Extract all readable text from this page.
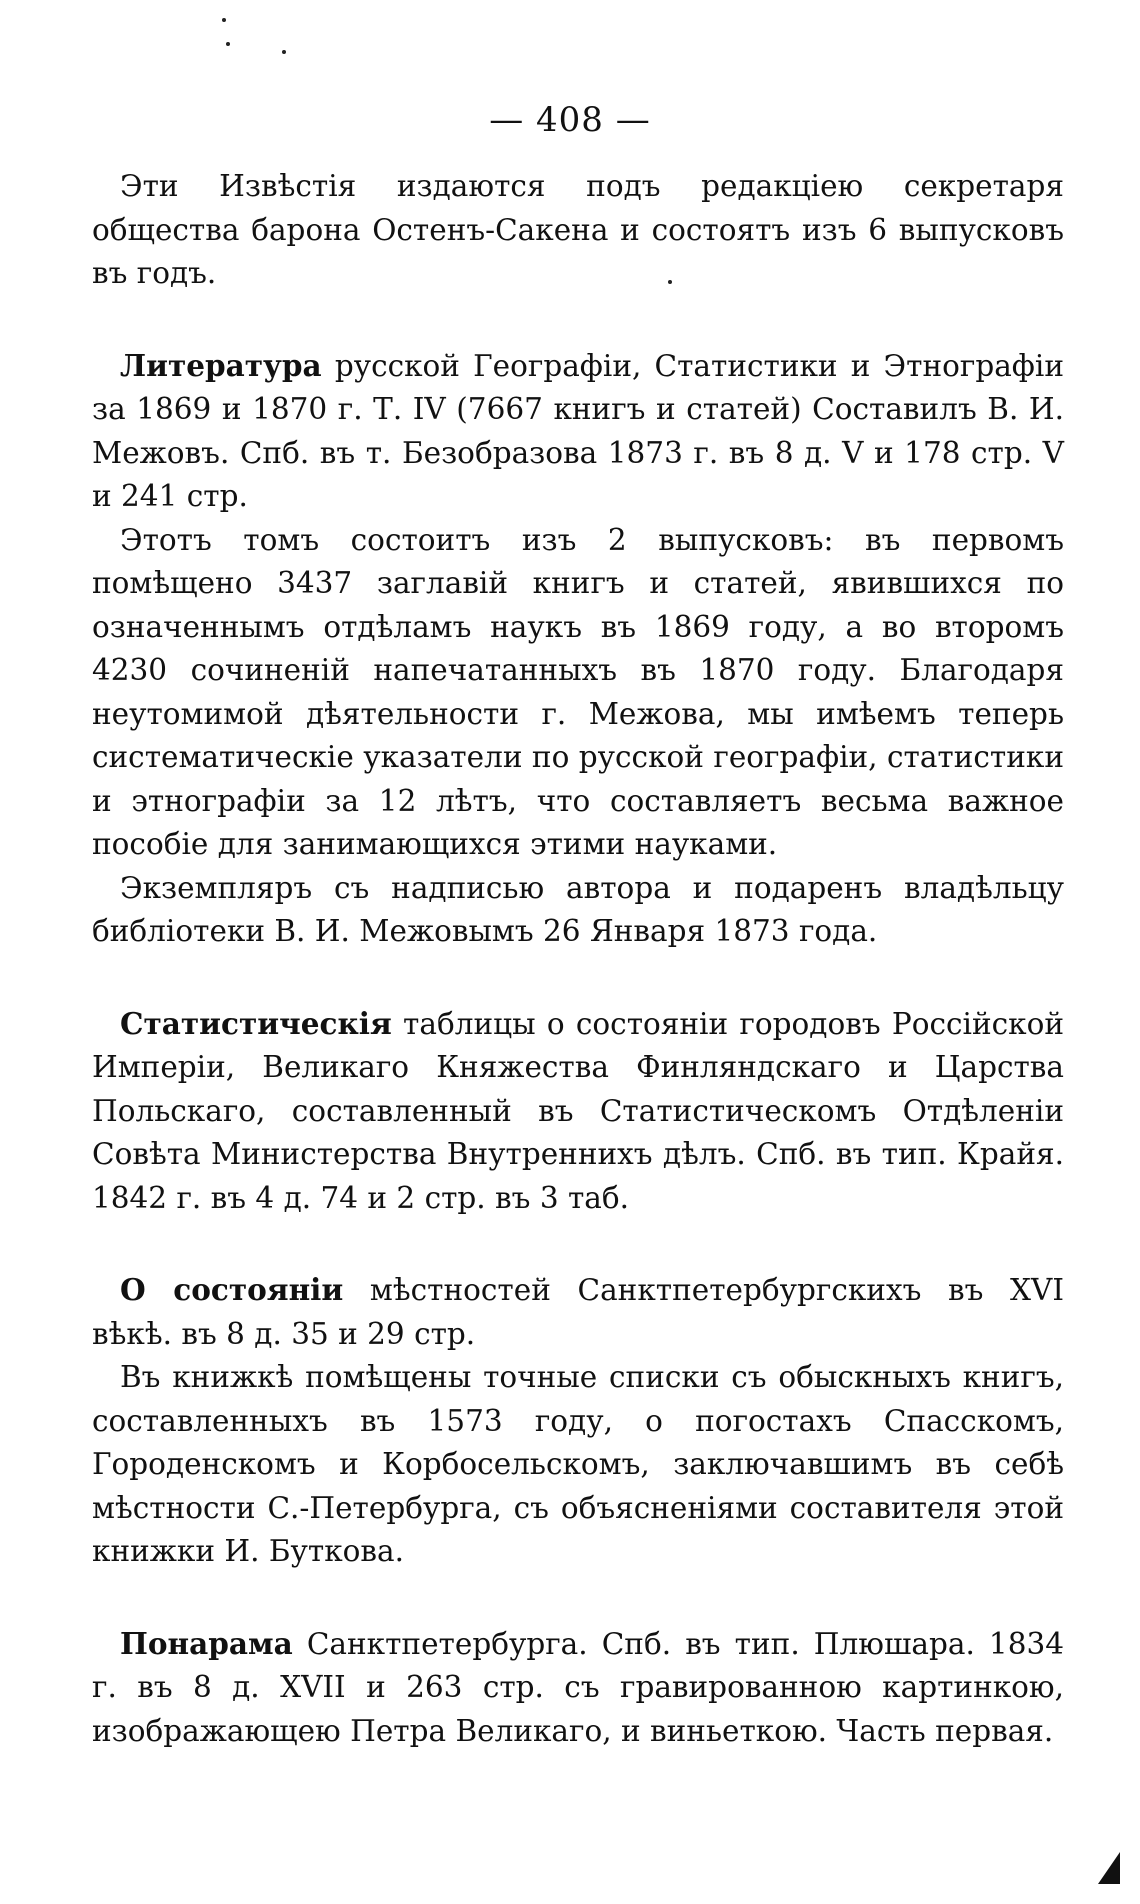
— 408 —

Эти Извѣстія издаются подъ редакціею секретаря общества барона Остенъ-Сакена и состоятъ изъ 6 выпусковъ въ годъ.

Литература русской Географіи, Статистики и Этнографіи за 1869 и 1870 г. Т. IV (7667 книгъ и статей) Составилъ В. И. Межовъ. Спб. въ т. Безобразова 1873 г. въ 8 д. V и 178 стр. V и 241 стр.

Этотъ томъ состоитъ изъ 2 выпусковъ: въ первомъ помѣщено 3437 заглавій книгъ и статей, явившихся по означеннымъ отдѣламъ наукъ въ 1869 году, а во второмъ 4230 сочиненій напечатанныхъ въ 1870 году. Благодаря неутомимой дѣятельности г. Межова, мы имѣемъ теперь систематическіе указатели по русской географіи, статистики и этнографіи за 12 лѣтъ, что составляетъ весьма важное пособіе для занимающихся этими науками.

Экземпляръ съ надписью автора и подаренъ владѣльцу библіотеки В. И. Межовымъ 26 Января 1873 года.

Статистическія таблицы о состояніи городовъ Россійской Имперіи, Великаго Княжества Финляндскаго и Царства Польскаго, составленный въ Статистическомъ Отдѣленіи Совѣта Министерства Внутреннихъ дѣлъ. Спб. въ тип. Крайя. 1842 г. въ 4 д. 74 и 2 стр. въ 3 таб.

О состояніи мѣстностей Санктпетербургскихъ въ XVI вѣкѣ. въ 8 д. 35 и 29 стр.

Въ книжкѣ помѣщены точные списки съ обыскныхъ книгъ, составленныхъ въ 1573 году, о погостахъ Спасскомъ, Городенскомъ и Корбосельскомъ, заключавшимъ въ себѣ мѣстности С.-Петербурга, съ объясненіями составителя этой книжки И. Буткова.

Понарама Санктпетербурга. Спб. въ тип. Плюшара. 1834 г. въ 8 д. XVII и 263 стр. съ гравированною картинкою, изображающею Петра Великаго, и виньеткою. Часть первая.
